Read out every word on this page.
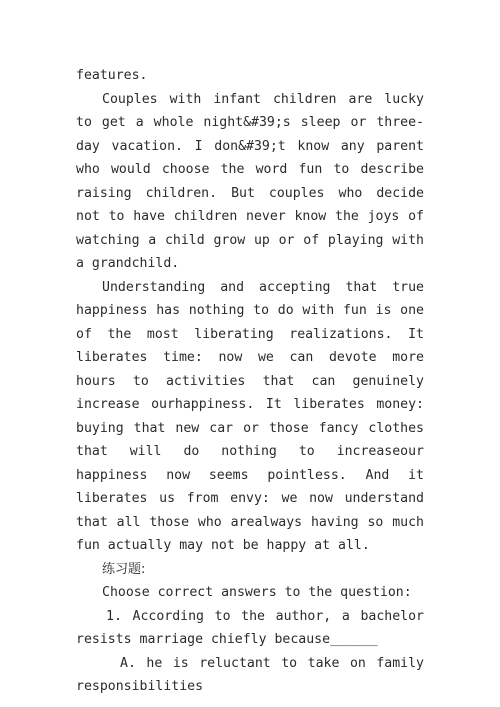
features.

Couples with infant children are lucky to get a whole night&#39;s sleep or three-day vacation. I don&#39;t know any parent who would choose the word fun to describe raising children. But couples who decide not to have children never know the joys of watching a child grow up or of playing with a grandchild.

Understanding and accepting that true happiness has nothing to do with fun is one of the most liberating realizations. It liberates time: now we can devote more hours to activities that can genuinely increase ourhappiness. It liberates money: buying that new car or those fancy clothes that will do nothing to increaseour happiness now seems pointless. And it liberates us from envy: we now understand that all those who arealways having so much fun actually may not be happy at all.

练习题:

Choose correct answers to the question:

1. According to the author, a bachelor resists marriage chiefly because______

A. he is reluctant to take on family responsibilities
